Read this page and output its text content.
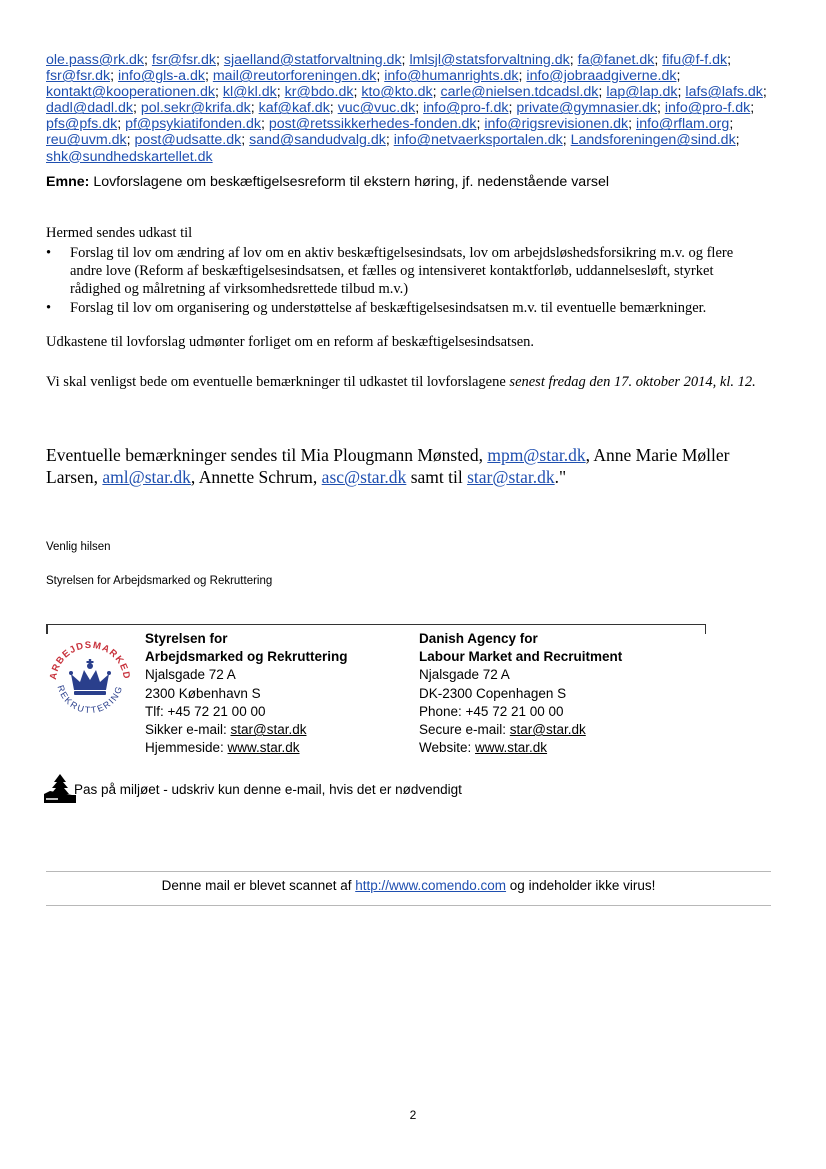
ole.pass@rk.dk; fsr@fsr.dk; sjaelland@statforvaltning.dk; lmlsjl@statsforvaltning.dk; fa@fanet.dk; fifu@f-f.dk;
fsr@fsr.dk; info@gls-a.dk; mail@reutorforeningen.dk; info@humanrights.dk; info@jobraadgiverne.dk;
kontakt@kooperationen.dk; kl@kl.dk; kr@bdo.dk; kto@kto.dk; carle@nielsen.tdcadsl.dk; lap@lap.dk; lafs@lafs.dk;
dadl@dadl.dk; pol.sekr@krifa.dk; kaf@kaf.dk; vuc@vuc.dk; info@pro-f.dk; private@gymnasier.dk; info@pro-f.dk;
pfs@pfs.dk; pf@psykiatifonden.dk; post@retssikkerhedes-fonden.dk; info@rigsrevisionen.dk; info@rflam.org;
reu@uvm.dk; post@udsatte.dk; sand@sandudvalg.dk; info@netvaerksportalen.dk; Landsforeningen@sind.dk;
shk@sundhedskartellet.dk
Emne: Lovforslagene om beskæftigelsesreform til ekstern høring, jf. nedenstående varsel
Hermed sendes udkast til
• Forslag til lov om ændring af lov om en aktiv beskæftigelsesindsats, lov om arbejdsløshedsforsikring m.v. og flere andre love (Reform af beskæftigelsesindsatsen, et fælles og intensiveret kontaktforløb, uddannelsesløft, styrket rådighed og målretning af virksomhedsrettede tilbud m.v.)
• Forslag til lov om organisering og understøttelse af beskæftigelsesindsatsen m.v. til eventuelle bemærkninger.
Udkastene til lovforslag udmønter forliget om en reform af beskæftigelsesindsatsen.
Vi skal venligst bede om eventuelle bemærkninger til udkastet til lovforslagene senest fredag den 17. oktober 2014, kl. 12.
Eventuelle bemærkninger sendes til Mia Plougmann Mønsted, mpm@star.dk, Anne Marie Møller Larsen, aml@star.dk, Annette Schrum, asc@star.dk samt til star@star.dk."
Venlig hilsen
Styrelsen for Arbejdsmarked og Rekruttering
ARBEJDSMARKED
REKRUTTERING
Styrelsen for
Arbejdsmarked og Rekruttering
Njalsgade 72 A
2300 København S
Tlf: +45 72 21 00 00
Sikker e-mail: star@star.dk
Hjemmeside: www.star.dk
Danish Agency for
Labour Market and Recruitment
Njalsgade 72 A
DK-2300 Copenhagen S
Phone: +45 72 21 00 00
Secure e-mail: star@star.dk
Website: www.star.dk
Pas på miljøet - udskriv kun denne e-mail, hvis det er nødvendigt
Denne mail er blevet scannet af http://www.comendo.com og indeholder ikke virus!
2
